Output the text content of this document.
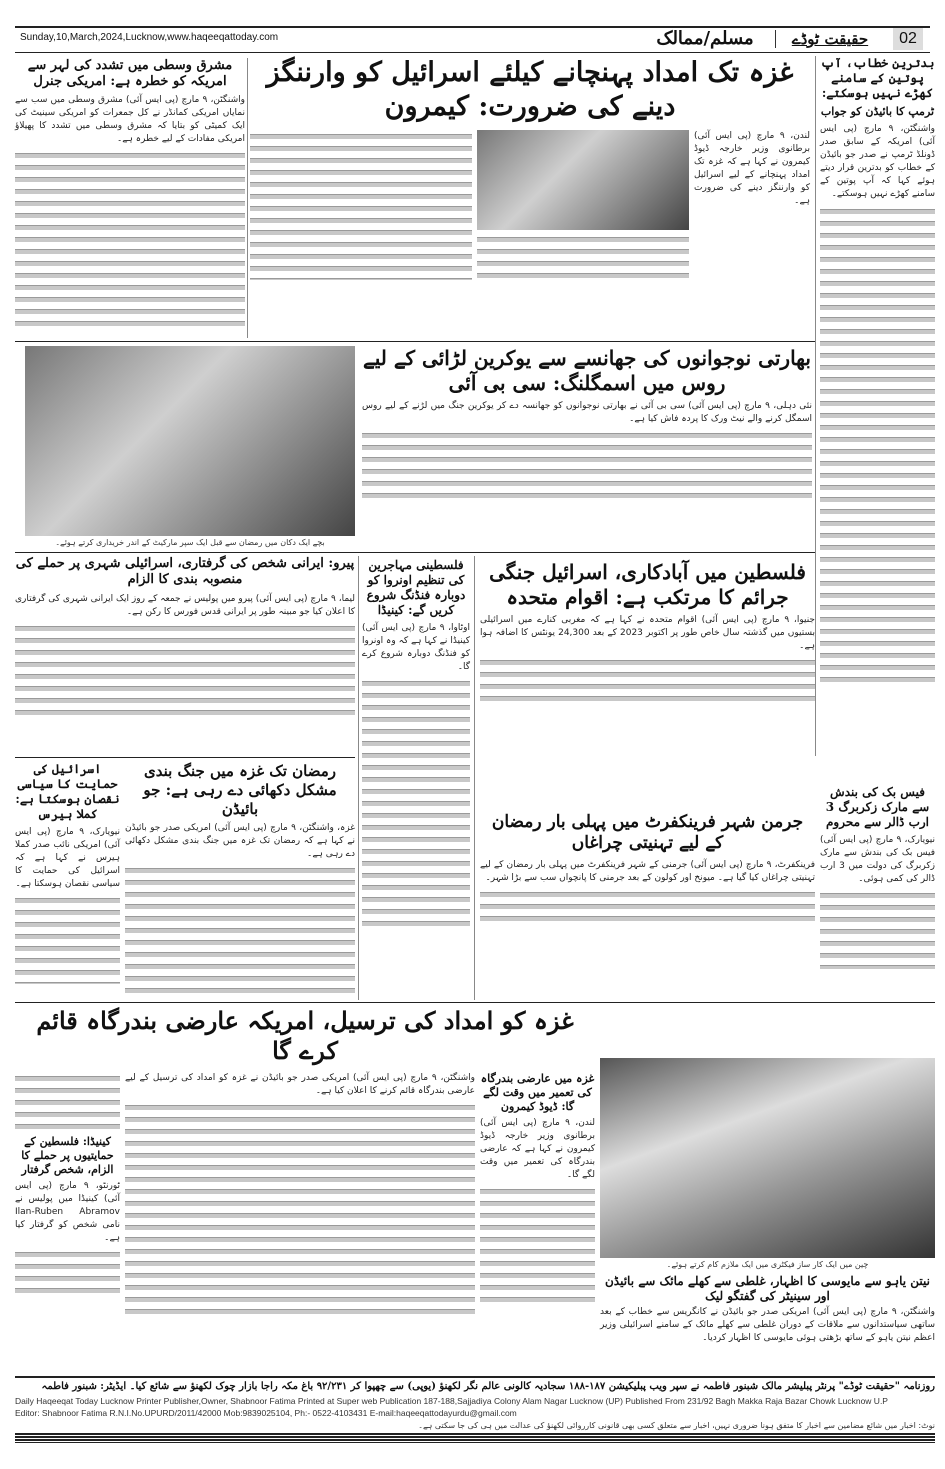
Sunday,10,March,2024,Lucknow,www.haqeeqattoday.com	مسلم/ممالک	حقیقت ٹوڈے	02
بدترین خطاب، آپ پوتین کے سامنے کھڑے نہیں ہوسکتے:
ٹرمپ کا بائیڈن کو جواب
واشنگٹن، ۹ مارچ (پی ایس آئی) امریکہ کے سابق صدر ڈونلڈ ٹرمپ نے صدر جو بائیڈن کے خطاب کو بدترین قرار دیتے ہوئے کہا کہ آپ پوتین کے سامنے کھڑے نہیں ہوسکتے۔
غزہ تک امداد پہنچانے کیلئے اسرائیل کو وارننگز دینے کی ضرورت: کیمرون
لندن، ۹ مارچ (پی ایس آئی) برطانوی وزیر خارجہ ڈیوڈ کیمرون نے کہا ہے کہ غزہ تک امداد پہنچانے کے لیے اسرائیل کو وارننگز دینے کی ضرورت ہے۔
مشرق وسطی میں تشدد کی لہر سے امریکہ کو خطرہ ہے: امریکی جنرل
واشنگٹن، ۹ مارچ (پی ایس آئی) مشرق وسطی میں سب سے نمایاں امریکی کمانڈر نے کل جمعرات کو امریکی سینیٹ کی ایک کمیٹی کو بتایا کہ مشرق وسطی میں تشدد کا پھیلاؤ امریکی مفادات کے لیے خطرہ ہے۔
بچے ایک دکان میں رمضان سے قبل ایک سپر مارکیٹ کے اندر خریداری کرتے ہوئے۔
بھارتی نوجوانوں کی جھانسے سے یوکرین لڑائی کے لیے روس میں اسمگلنگ: سی بی آئی
نئی دہلی، ۹ مارچ (پی ایس آئی) سی بی آئی نے بھارتی نوجوانوں کو جھانسہ دے کر یوکرین جنگ میں لڑنے کے لیے روس اسمگل کرنے والے نیٹ ورک کا پردہ فاش کیا ہے۔
پیرو: ایرانی شخص کی گرفتاری، اسرائیلی شہری پر حملے کی منصوبہ بندی کا الزام
لیما، ۹ مارچ (پی ایس آئی) پیرو میں پولیس نے جمعہ کے روز ایک ایرانی شہری کی گرفتاری کا اعلان کیا جو مبینہ طور پر ایرانی قدس فورس کا رکن ہے۔
فلسطینی مہاجرین کی تنظیم اونروا کو دوبارہ فنڈنگ شروع کریں گے: کینیڈا
اوٹاوا، ۹ مارچ (پی ایس آئی) کینیڈا نے کہا ہے کہ وہ اونروا کو فنڈنگ دوبارہ شروع کرے گا۔
فلسطین میں آبادکاری، اسرائیل جنگی جرائم کا مرتکب ہے: اقوام متحدہ
جنیوا، ۹ مارچ (پی ایس آئی) اقوام متحدہ نے کہا ہے کہ مغربی کنارے میں اسرائیلی بستیوں میں گذشتہ سال خاص طور پر اکتوبر 2023 کے بعد 24,300 یونٹس کا اضافہ ہوا ہے۔
رمضان تک غزہ میں جنگ بندی مشکل دکھائی دے رہی ہے: جو بائیڈن
غزہ، واشنگٹن، ۹ مارچ (پی ایس آئی) امریکی صدر جو بائیڈن نے کہا ہے کہ رمضان تک غزہ میں جنگ بندی مشکل دکھائی دے رہی ہے۔
اسرائیل کی حمایت کا سیاسی نقصان ہوسکتا ہے: کملا ہیرس
نیویارک، ۹ مارچ (پی ایس آئی) امریکی نائب صدر کملا ہیرس نے کہا ہے کہ اسرائیل کی حمایت کا سیاسی نقصان ہوسکتا ہے۔
فیس بک کی بندش سے مارک زکربرگ 3 ارب ڈالر سے محروم
نیویارک، ۹ مارچ (پی ایس آئی) فیس بک کی بندش سے مارک زکربرگ کی دولت میں 3 ارب ڈالر کی کمی ہوئی۔
جرمن شہر فرینکفرٹ میں پہلی بار رمضان کے لیے تہنیتی چراغاں
فرینکفرٹ، ۹ مارچ (پی ایس آئی) جرمنی کے شہر فرینکفرٹ میں پہلی بار رمضان کے لیے تہنیتی چراغاں کیا گیا ہے۔ میونخ اور کولون کے بعد جرمنی کا پانچواں سب سے بڑا شہر۔
غزہ کو امداد کی ترسیل، امریکہ عارضی بندرگاہ قائم کرے گا
کینیڈا: فلسطین کے حمایتیوں پر حملے کا الزام، شخص گرفتار
ٹورنٹو، ۹ مارچ (پی ایس آئی) کینیڈا میں پولیس نے Ilan-Ruben Abramov نامی شخص کو گرفتار کیا ہے۔
واشنگٹن، ۹ مارچ (پی ایس آئی) امریکی صدر جو بائیڈن نے غزہ کو امداد کی ترسیل کے لیے عارضی بندرگاہ قائم کرنے کا اعلان کیا ہے۔
غزہ میں عارضی بندرگاہ کی تعمیر میں وقت لگے گا: ڈیوڈ کیمرون
لندن، ۹ مارچ (پی ایس آئی) برطانوی وزیر خارجہ ڈیوڈ کیمرون نے کہا ہے کہ عارضی بندرگاہ کی تعمیر میں وقت لگے گا۔
چین میں ایک کار ساز فیکٹری میں ایک ملازم کام کرتے ہوئے۔
نیتن یاہو سے مایوسی کا اظہار، غلطی سے کھلے مائک سے بائیڈن اور سینیٹر کی گفتگو لیک
واشنگٹن، ۹ مارچ (پی ایس آئی) امریکی صدر جو بائیڈن نے کانگریس سے خطاب کے بعد ساتھی سیاستدانوں سے ملاقات کے دوران غلطی سے کھلے مائک کے سامنے اسرائیلی وزیر اعظم نیتن یاہو کے ساتھ بڑھتی ہوئی مایوسی کا اظہار کردیا۔
روزنامہ "حقیقت ٹوڈے" پرنٹر پبلیشر مالک شبنور فاطمہ نے سپر ویب پبلیکیشن ۱۸۷-۱۸۸ سجادیہ کالونی عالم نگر لکھنؤ (یوپی) سے چھپوا کر ۹۲/۲۳۱ باغ مکہ راجا بازار چوک لکھنؤ سے شائع کیا۔ ایڈیٹر: شبنور فاطمہ
Daily Haqeeqat Today Lucknow Printer Publisher,Owner, Shabnoor Fatima Printed at Super web Publication 187-188,Sajjadiya Colony Alam Nagar Lucknow (UP) Published From 231/92 Bagh Makka Raja Bazar Chowk Lucknow U.P
Editor: Shabnoor Fatima R.N.I.No.UPURD/2011/42000 Mob:9839025104, Ph:- 0522-4103431 E-mail:haqeeqattodayurdu@gmail.com
نوٹ: اخبار میں شائع مضامین سے اخبار کا متفق ہونا ضروری نہیں، اخبار سے متعلق کسی بھی قانونی کارروائی لکھنؤ کی عدالت میں ہی کی جا سکتی ہے۔
